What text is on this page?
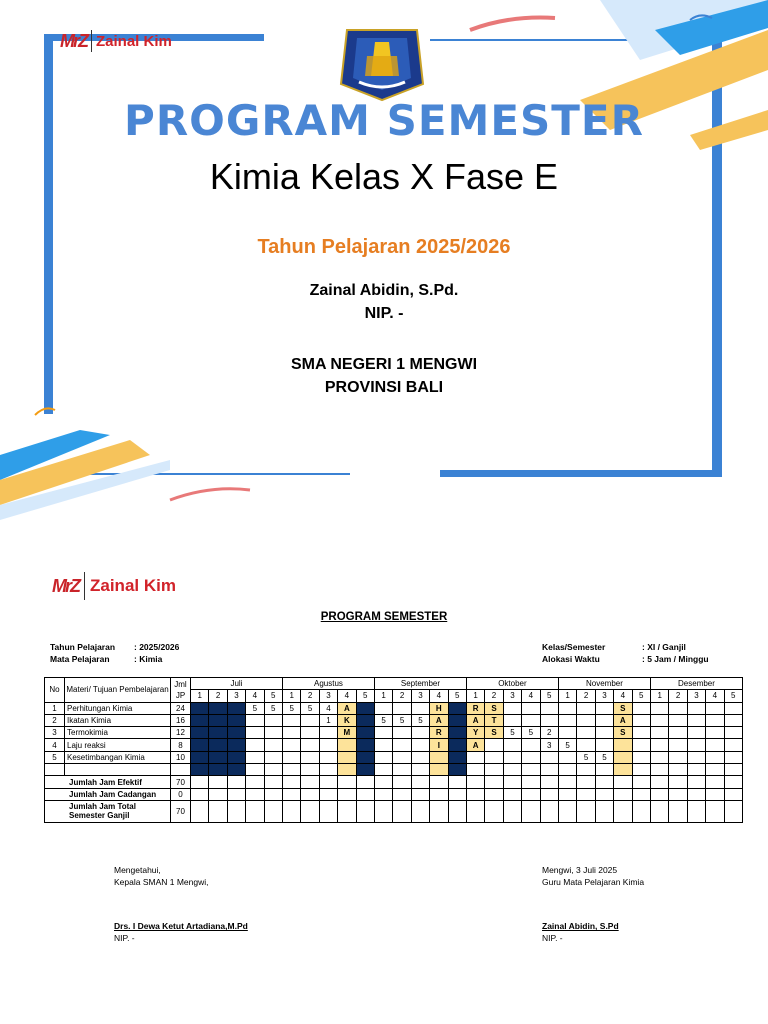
MrZ Zainal Kim
PROGRAM SEMESTER
Kimia Kelas X Fase E
Tahun Pelajaran 2025/2026
Zainal Abidin, S.Pd.
NIP. -
SMA NEGERI 1 MENGWI
PROVINSI BALI
MrZ Zainal Kim
PROGRAM SEMESTER
Tahun Pelajaran	: 2025/2026
Mata Pelajaran	: Kimia
Kelas/Semester	: XI / Ganjil
Alokasi Waktu	: 5 Jam / Minggu
No	Materi/ Tujuan Pembelajaran	Jml JP	Juli					Agustus					September					Oktober					November					Desember				
			1	2	3	4	5	1	2	3	4	5	1	2	3	4	5	1	2	3	4	5	1	2	3	4	5	1	2	3	4	5
1	Perhitungan Kimia	24				5	5	5	5	4	A					H		R	S							S						
2	Ikatan Kimia	16								1	K		5	5	5	A		A	T							A						
3	Termokimia	12									M					R		Y	S	5	5	2				S						
4	Laju reaksi	8														I		A				3	5									
5	Kesetimbangan Kimia	10																						5	5							

Jumlah Jam Efektif		70																														
Jumlah Jam Cadangan		0																														
Jumlah Jam Total Semester Ganjil		70																														
Mengetahui,
Kepala SMAN 1 Mengwi,
Drs. I Dewa Ketut Artadiana,M.Pd
NIP. -
Mengwi, 3 Juli 2025
Guru Mata Pelajaran Kimia
Zainal Abidin, S.Pd
NIP. -
